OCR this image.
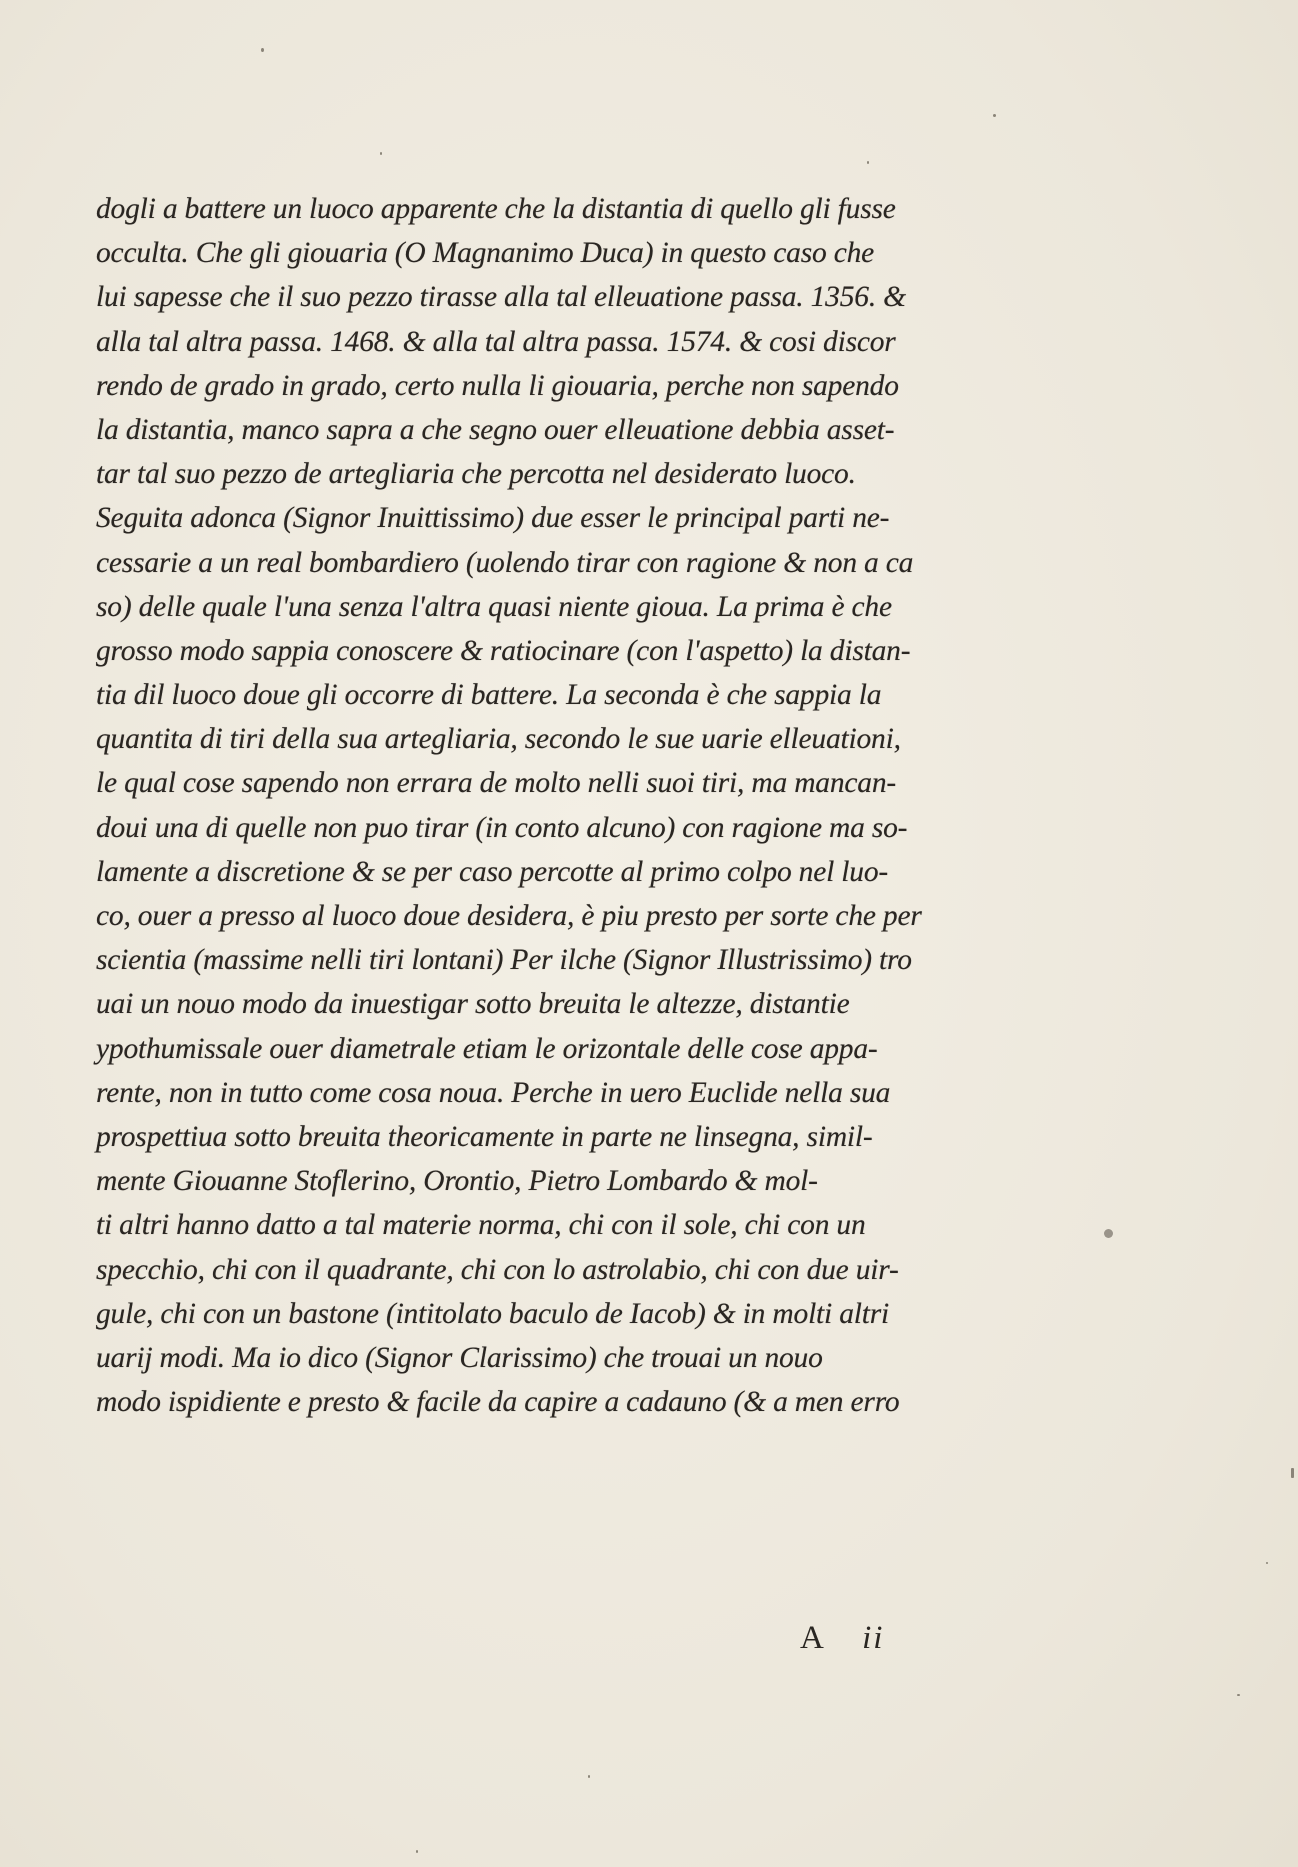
dogli a battere un luoco apparente che la distantia di quello gli fusse
occulta. Che gli giouaria (O Magnanimo Duca) in questo caso che
lui sapesse che il suo pezzo tirasse alla tal elleuatione passa. 1356. &
alla tal altra passa. 1468. & alla tal altra passa. 1574. & cosi discor
rendo de grado in grado, certo nulla li giouaria, perche non sapendo
la distantia, manco sapra a che segno ouer elleuatione debbia asset-
tar tal suo pezzo de artegliaria che percotta nel desiderato luoco.
Seguita adonca (Signor Inuittissimo) due esser le principal parti ne-
cessarie a un real bombardiero (uolendo tirar con ragione & non a ca
so) delle quale l'una senza l'altra quasi niente gioua. La prima è che
grosso modo sappia conoscere & ratiocinare (con l'aspetto) la distan-
tia dil luoco doue gli occorre di battere. La seconda è che sappia la
quantita di tiri della sua artegliaria, secondo le sue uarie elleuationi,
le qual cose sapendo non errara de molto nelli suoi tiri, ma mancan-
doui una di quelle non puo tirar (in conto alcuno) con ragione ma so-
lamente a discretione & se per caso percotte al primo colpo nel luo-
co, ouer a presso al luoco doue desidera, è piu presto per sorte che per
scientia (massime nelli tiri lontani) Per ilche (Signor Illustrissimo) tro
uai un nouo modo da inuestigar sotto breuita le altezze, distantie
ypothumissale ouer diametrale etiam le orizontale delle cose appa-
rente, non in tutto come cosa noua. Perche in uero Euclide nella sua
prospettiua sotto breuita theoricamente in parte ne linsegna, simil-
mente Giouanne Stoflerino, Orontio, Pietro Lombardo & mol-
ti altri hanno datto a tal materie norma, chi con il sole, chi con un
specchio, chi con il quadrante, chi con lo astrolabio, chi con due uir-
gule, chi con un bastone (intitolato baculo de Iacob) & in molti altri
uarij modi. Ma io dico (Signor Clarissimo) che trouai un nouo
modo ispidiente e presto & facile da capire a cadauno (& a men erro
A ii
